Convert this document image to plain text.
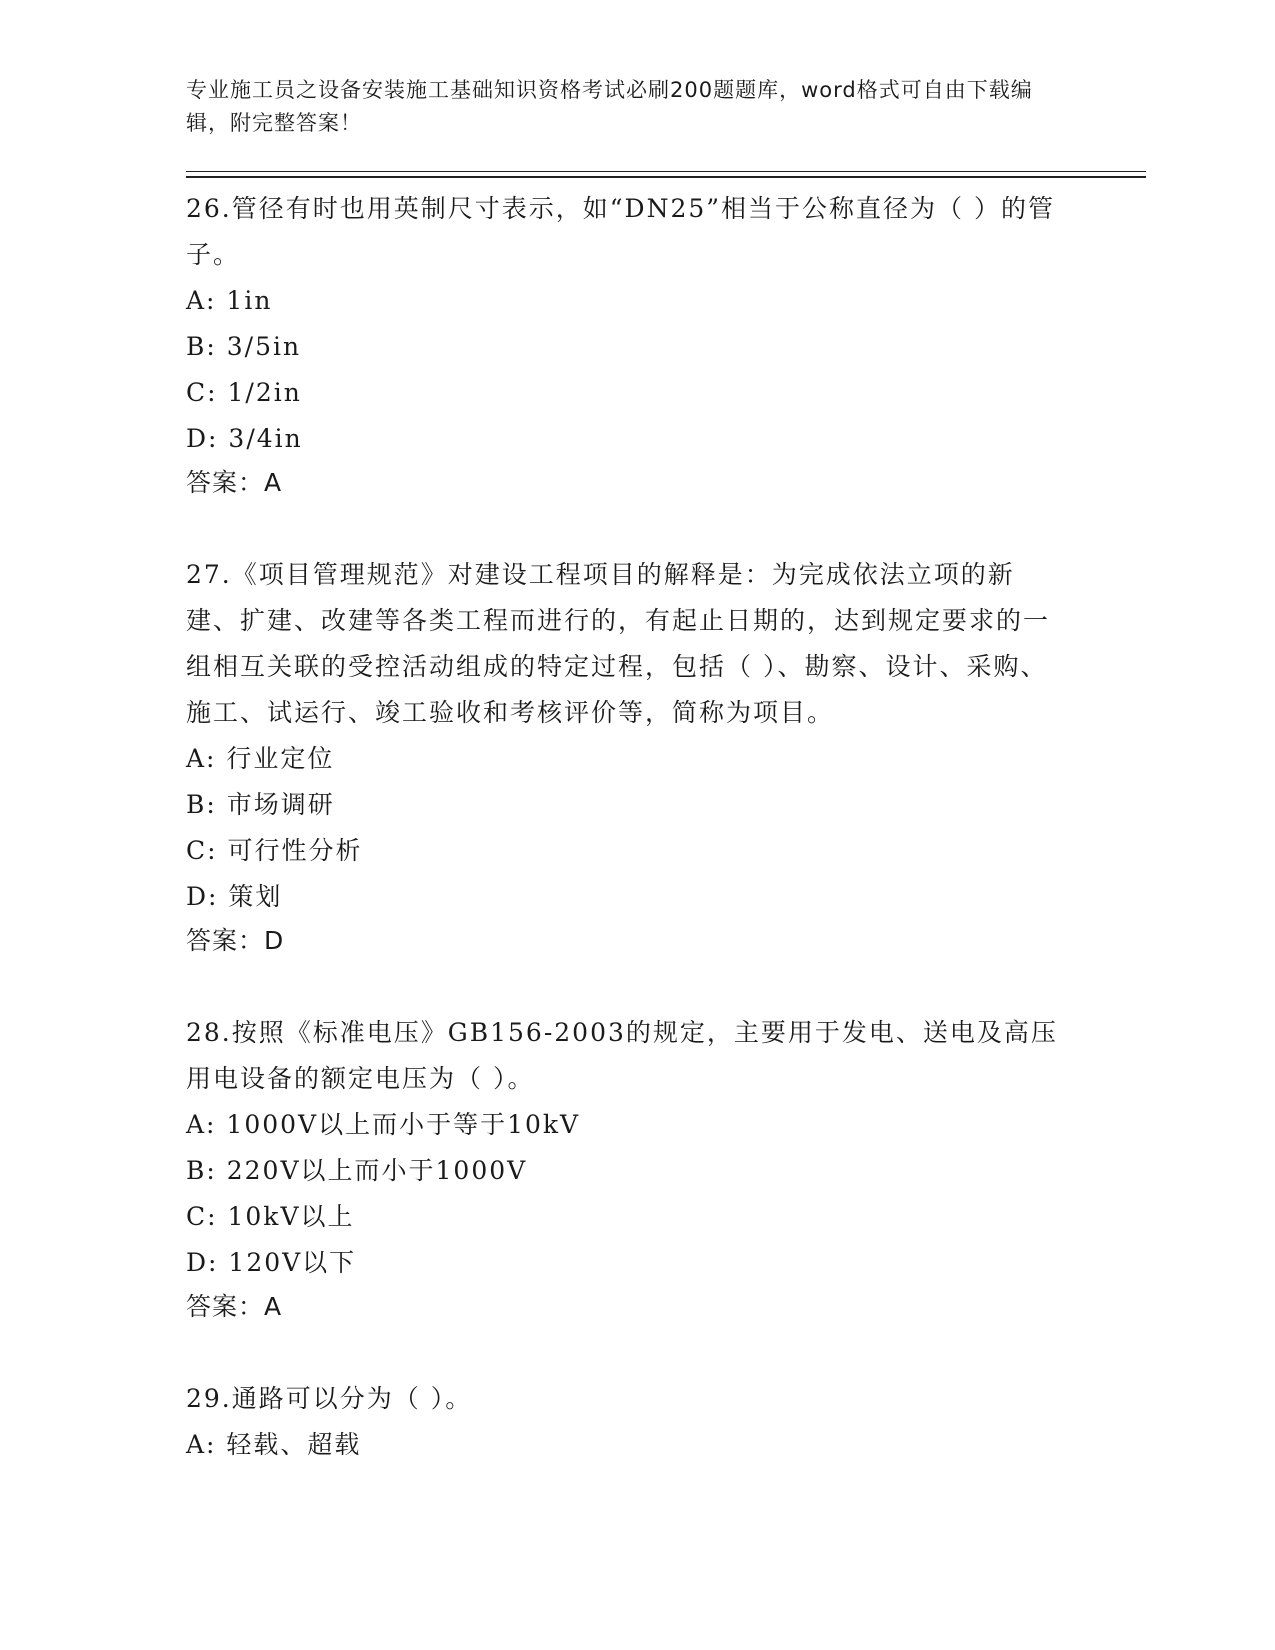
专业施工员之设备安装施工基础知识资格考试必刷200题题库，word格式可自由下载编辑，附完整答案！

26.管径有时也用英制尺寸表示，如“DN25”相当于公称直径为（ ）的管子。

A: 1in

B: 3/5in

C: 1/2in

D: 3/4in

答案：A

27.《项目管理规范》对建设工程项目的解释是：为完成依法立项的新建、扩建、改建等各类工程而进行的，有起止日期的，达到规定要求的一组相互关联的受控活动组成的特定过程，包括（ ）、勘察、设计、采购、施工、试运行、竣工验收和考核评价等，简称为项目。

A: 行业定位

B: 市场调研

C: 可行性分析

D: 策划

答案：D

28.按照《标准电压》GB156-2003的规定，主要用于发电、送电及高压用电设备的额定电压为（ ）。

A: 1000V以上而小于等于10kV

B: 220V以上而小于1000V

C: 10kV以上

D: 120V以下

答案：A

29.通路可以分为（ ）。

A: 轻载、超载
